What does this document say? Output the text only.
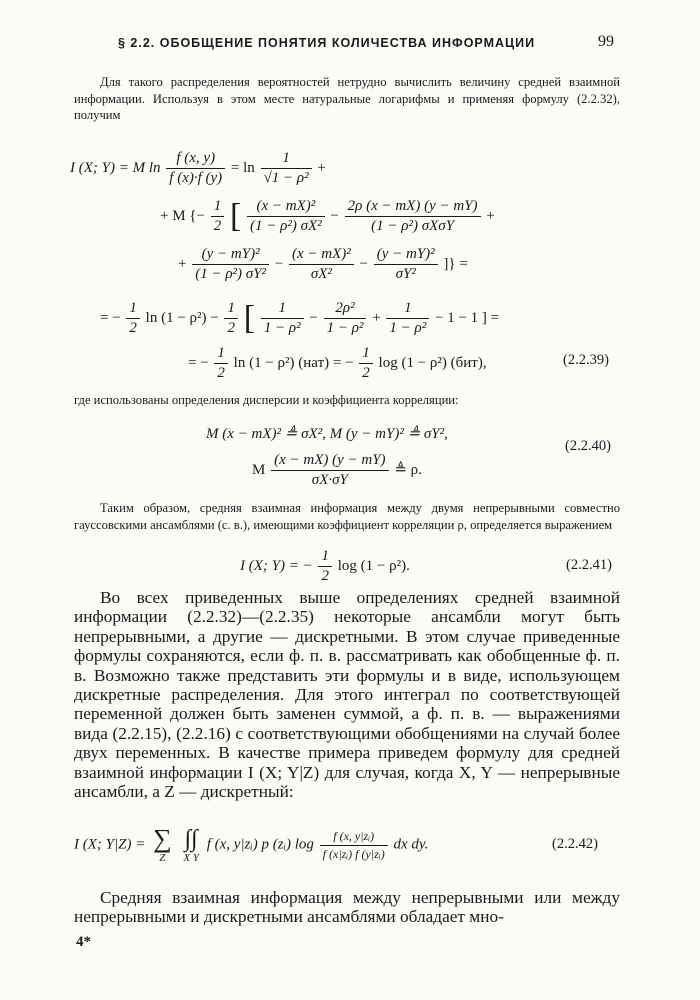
§ 2.2. ОБОБЩЕНИЕ ПОНЯТИЯ КОЛИЧЕСТВА ИНФОРМАЦИИ	99
Для такого распределения вероятностей нетрудно вычислить величину средней взаимной информации. Используя в этом месте натуральные логарифмы и применяя формулу (2.2.32), получим
I (X; Y) = M $\ln \frac{f (x, y)}{f (x)\cdot f (y)} = \ln \frac{1}{\text{√1 − ρ²}}$ +
+ M {− $\frac{1}{2}$ [ $\frac{\text{(x − mX)²}}{\text{(1 − ρ²) σX²}} - \frac{2\rho (x - mX) (y - mY)}{\text{(1 − ρ²) σXσY}}$ +
+ $\frac{\text{(y − mY)²}}{\text{(1 − ρ²) σY²}} - \frac{\text{(x − mX)²}}{\text{σX²}} - \frac{\text{(y − mY)²}}{\text{σY²}}$ ]} =
= − $\frac{1}{2}$ $\ln (1 - \rho^2) - \frac{1}{2}$ [ $\frac{1}{\text{1 − ρ²}} - \frac{\text{2ρ²}}{\text{1 − ρ²}} + \frac{1}{\text{1 − ρ²}} - 1 - 1$ ] =
= − $\frac{1}{2}$ ln (1 − ρ²) (нат) = − $\frac{1}{2}$ log (1 − ρ²) (бит),	(2.2.39)
где использованы определения дисперсии и коэффициента корреляции:
M (x − mX)² ≜ σX², M (y − mY)² ≜ σY²,
M $\frac{(x - mX) (y - mY)}{\sigma X\cdot\sigma Y}$ ≜ ρ.
(2.2.40)
Таким образом, средняя взаимная информация между двумя непрерывными совместно гауссовскими ансамблями (с. в.), имеющими коэффициент корреляции ρ, определяется выражением
I (X; Y) = − $\frac{1}{2}$ log (1 − ρ²).	(2.2.41)
Во всех приведенных выше определениях средней взаимной информации (2.2.32)—(2.2.35) некоторые ансамбли могут быть непрерывными, а другие — дискретными. В этом случае приведенные формулы сохраняются, если ф. п. в. рассматривать как обобщенные ф. п. в. Возможно также представить эти формулы и в виде, использующем дискретные распределения. Для этого интеграл по соответствующей переменной должен быть заменен суммой, а ф. п. в. — выражениями вида (2.2.15), (2.2.16) с соответствующими обобщениями на случай более двух переменных. В качестве примера приведем формулу для средней взаимной информации I (X; Y|Z) для случая, когда X, Y — непрерывные ансамбли, а Z — дискретный:
I (X; Y|Z) = ∑
Z

∫∫
X Y
f (x, y|zᵢ) p (zᵢ) $\log \frac{\text{f (x, y|zᵢ)}}{\text{f (x|zᵢ) f (y|zᵢ)}}$ dx dy.	(2.2.42)
Средняя взаимная информация между непрерывными или между непрерывными и дискретными ансамблями обладает мно-
4*
